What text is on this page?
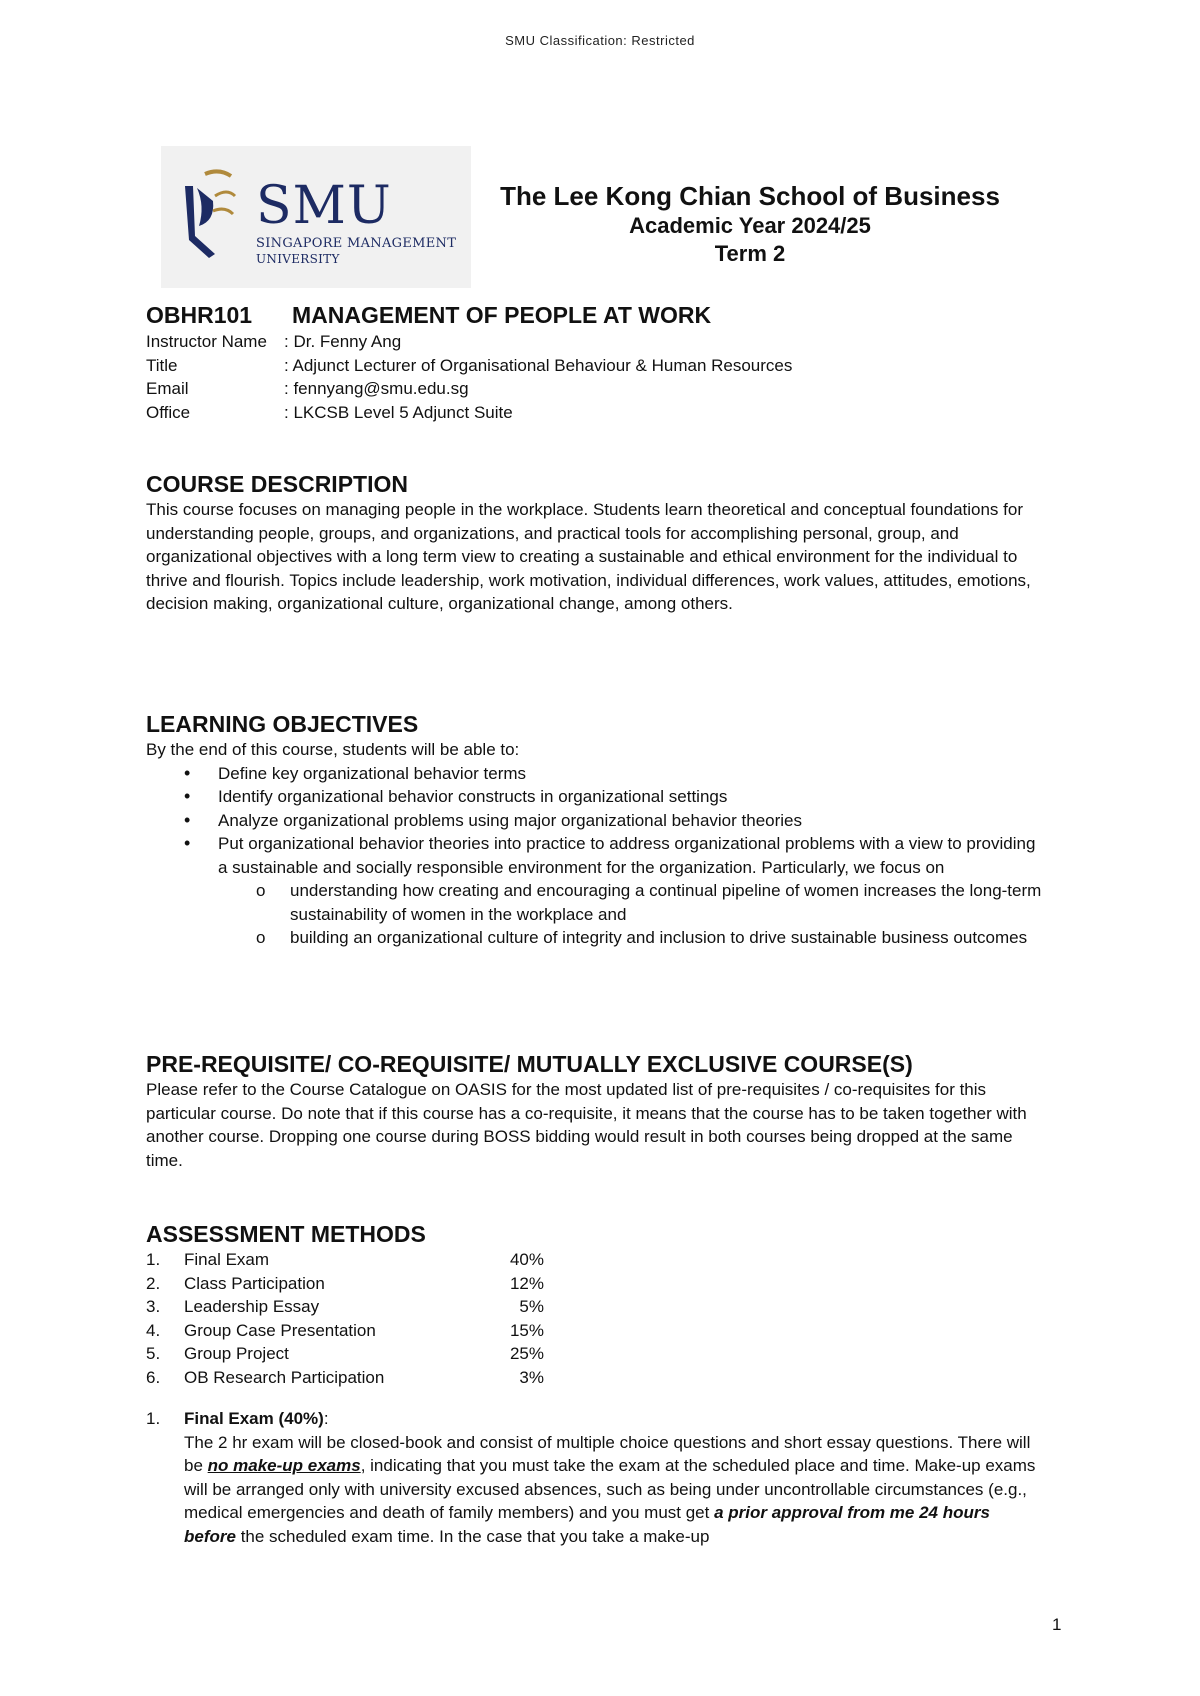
SMU Classification: Restricted
SMU
SINGAPORE MANAGEMENT
UNIVERSITY
The Lee Kong Chian School of Business
Academic Year 2024/25
Term 2
OBHR101 MANAGEMENT OF PEOPLE AT WORK
Instructor Name	: Dr. Fenny Ang
Title	: Adjunct Lecturer of Organisational Behaviour & Human Resources
Email	: fennyang@smu.edu.sg
Office	: LKCSB Level 5 Adjunct Suite
COURSE DESCRIPTION

This course focuses on managing people in the workplace. Students learn theoretical and conceptual foundations for understanding people, groups, and organizations, and practical tools for accomplishing personal, group, and organizational objectives with a long term view to creating a sustainable and ethical environment for the individual to thrive and flourish. Topics include leadership, work motivation, individual differences, work values, attitudes, emotions, decision making, organizational culture, organizational change, among others.

LEARNING OBJECTIVES

By the end of this course, students will be able to:

• Define key organizational behavior terms
• Identify organizational behavior constructs in organizational settings
• Analyze organizational problems using major organizational behavior theories
• Put organizational behavior theories into practice to address organizational problems with a view to providing a sustainable and socially responsible environment for the organization. Particularly, we focus on
o understanding how creating and encouraging a continual pipeline of women increases the long-term sustainability of women in the workplace and
o building an organizational culture of integrity and inclusion to drive sustainable business outcomes
PRE-REQUISITE/ CO-REQUISITE/ MUTUALLY EXCLUSIVE COURSE(S)

Please refer to the Course Catalogue on OASIS for the most updated list of pre-requisites / co-requisites for this particular course. Do note that if this course has a co-requisite, it means that the course has to be taken together with another course. Dropping one course during BOSS bidding would result in both courses being dropped at the same time.

ASSESSMENT METHODS
1.	Final Exam	40%
2.	Class Participation	12%
3.	Leadership Essay	5%
4.	Group Case Presentation	15%
5.	Group Project	25%
6.	OB Research Participation	3%
1.	Final Exam (40%):

The 2 hr exam will be closed-book and consist of multiple choice questions and short essay questions. There will be no make-up exams, indicating that you must take the exam at the scheduled place and time. Make-up exams will be arranged only with university excused absences, such as being under uncontrollable circumstances (e.g., medical emergencies and death of family members) and you must get a prior approval from me 24 hours before the scheduled exam time. In the case that you take a make-up

1
